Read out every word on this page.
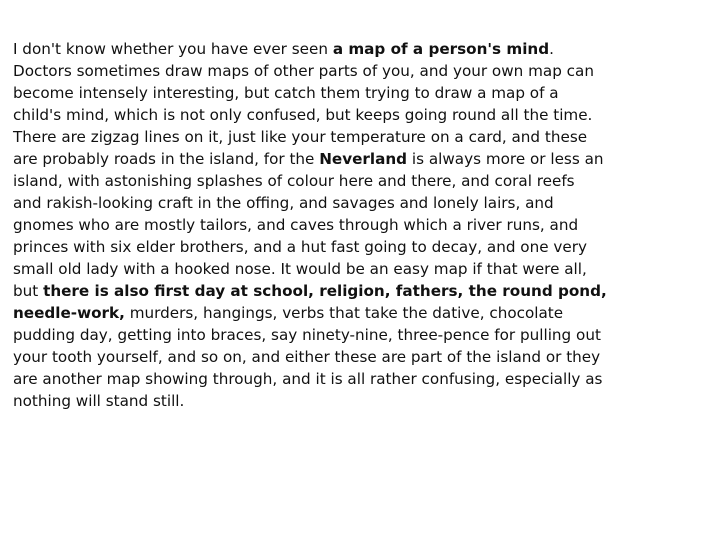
I don't know whether you have ever seen a map of a person's mind.
Doctors sometimes draw maps of other parts of you, and your own map can
become intensely interesting, but catch them trying to draw a map of a
child's mind, which is not only confused, but keeps going round all the time.
There are zigzag lines on it, just like your temperature on a card, and these
are probably roads in the island, for the Neverland is always more or less an
island, with astonishing splashes of colour here and there, and coral reefs
and rakish-looking craft in the offing, and savages and lonely lairs, and
gnomes who are mostly tailors, and caves through which a river runs, and
princes with six elder brothers, and a hut fast going to decay, and one very
small old lady with a hooked nose. It would be an easy map if that were all,
but there is also first day at school, religion, fathers, the round pond,
needle-work, murders, hangings, verbs that take the dative, chocolate
pudding day, getting into braces, say ninety-nine, three-pence for pulling out
your tooth yourself, and so on, and either these are part of the island or they
are another map showing through, and it is all rather confusing, especially as
nothing will stand still.
